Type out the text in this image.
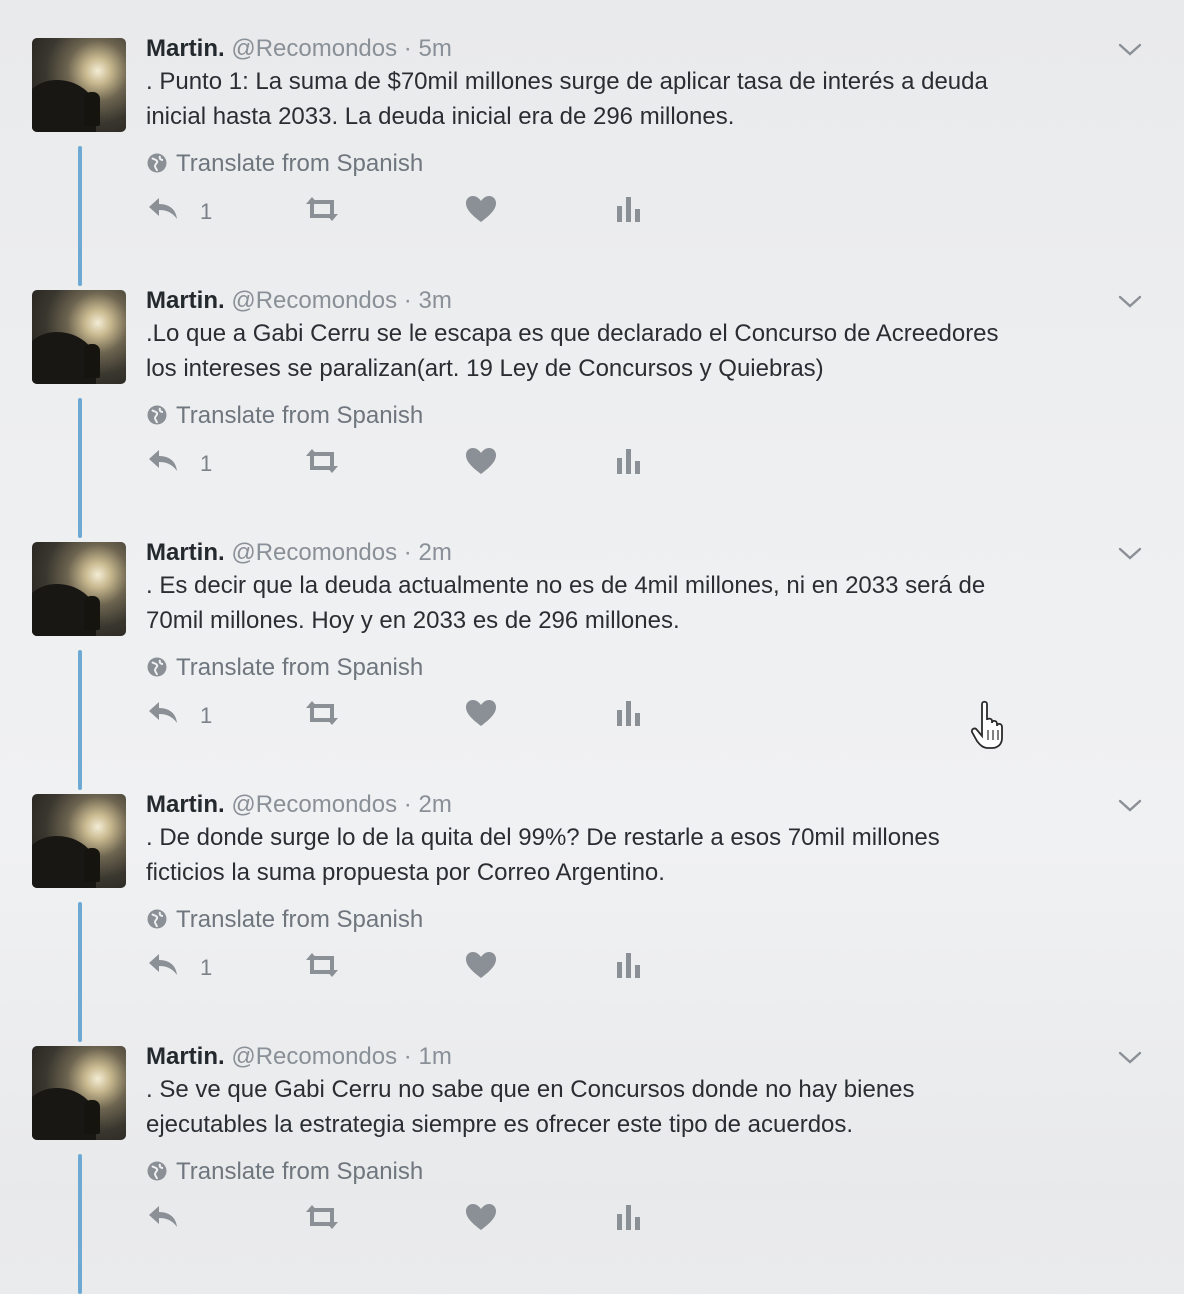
Martin. @Recomondos · 5m
. Punto 1: La suma de $70mil millones surge de aplicar tasa de interés a deuda
inicial hasta 2033. La deuda inicial era de 296 millones.
Translate from Spanish
1
Martin. @Recomondos · 3m
.Lo que a Gabi Cerru se le escapa es que declarado el Concurso de Acreedores
los intereses se paralizan(art. 19 Ley de Concursos y Quiebras)
Translate from Spanish
1
Martin. @Recomondos · 2m
. Es decir que la deuda actualmente no es de 4mil millones, ni en 2033 será de
70mil millones. Hoy y en 2033 es de 296 millones.
Translate from Spanish
1
Martin. @Recomondos · 2m
. De donde surge lo de la quita del 99%? De restarle a esos 70mil millones
ficticios la suma propuesta por Correo Argentino.
Translate from Spanish
1
Martin. @Recomondos · 1m
. Se ve que Gabi Cerru no sabe que en Concursos donde no hay bienes
ejecutables la estrategia siempre es ofrecer este tipo de acuerdos.
Translate from Spanish
